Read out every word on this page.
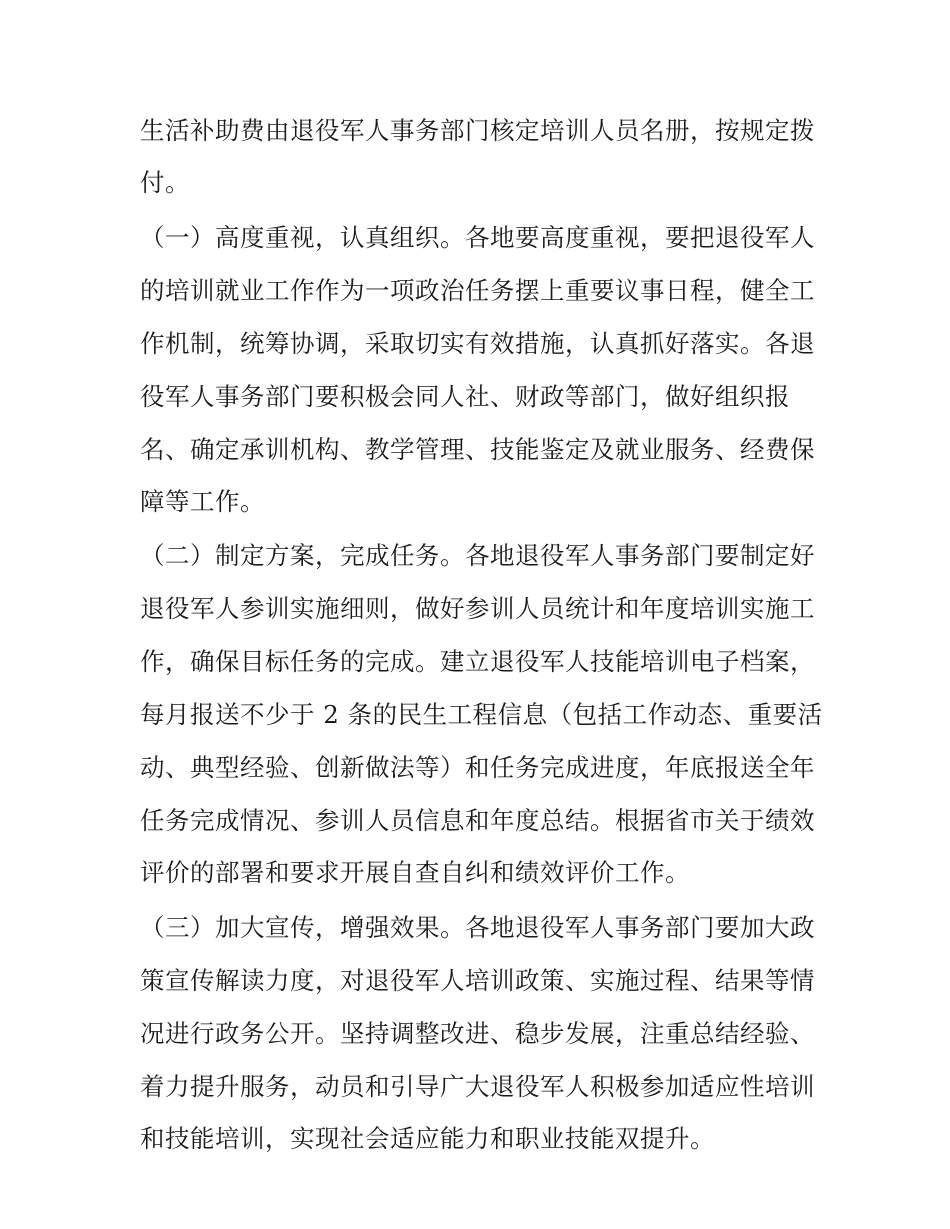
生活补助费由退役军人事务部门核定培训人员名册，按规定拨
付。
（一）高度重视，认真组织。各地要高度重视，要把退役军人
的培训就业工作作为一项政治任务摆上重要议事日程，健全工
作机制，统筹协调，采取切实有效措施，认真抓好落实。各退
役军人事务部门要积极会同人社、财政等部门，做好组织报
名、确定承训机构、教学管理、技能鉴定及就业服务、经费保
障等工作。
（二）制定方案，完成任务。各地退役军人事务部门要制定好
退役军人参训实施细则，做好参训人员统计和年度培训实施工
作，确保目标任务的完成。建立退役军人技能培训电子档案，
每月报送不少于 2 条的民生工程信息（包括工作动态、重要活
动、典型经验、创新做法等）和任务完成进度，年底报送全年
任务完成情况、参训人员信息和年度总结。根据省市关于绩效
评价的部署和要求开展自查自纠和绩效评价工作。
（三）加大宣传，增强效果。各地退役军人事务部门要加大政
策宣传解读力度，对退役军人培训政策、实施过程、结果等情
况进行政务公开。坚持调整改进、稳步发展，注重总结经验、
着力提升服务，动员和引导广大退役军人积极参加适应性培训
和技能培训，实现社会适应能力和职业技能双提升。
